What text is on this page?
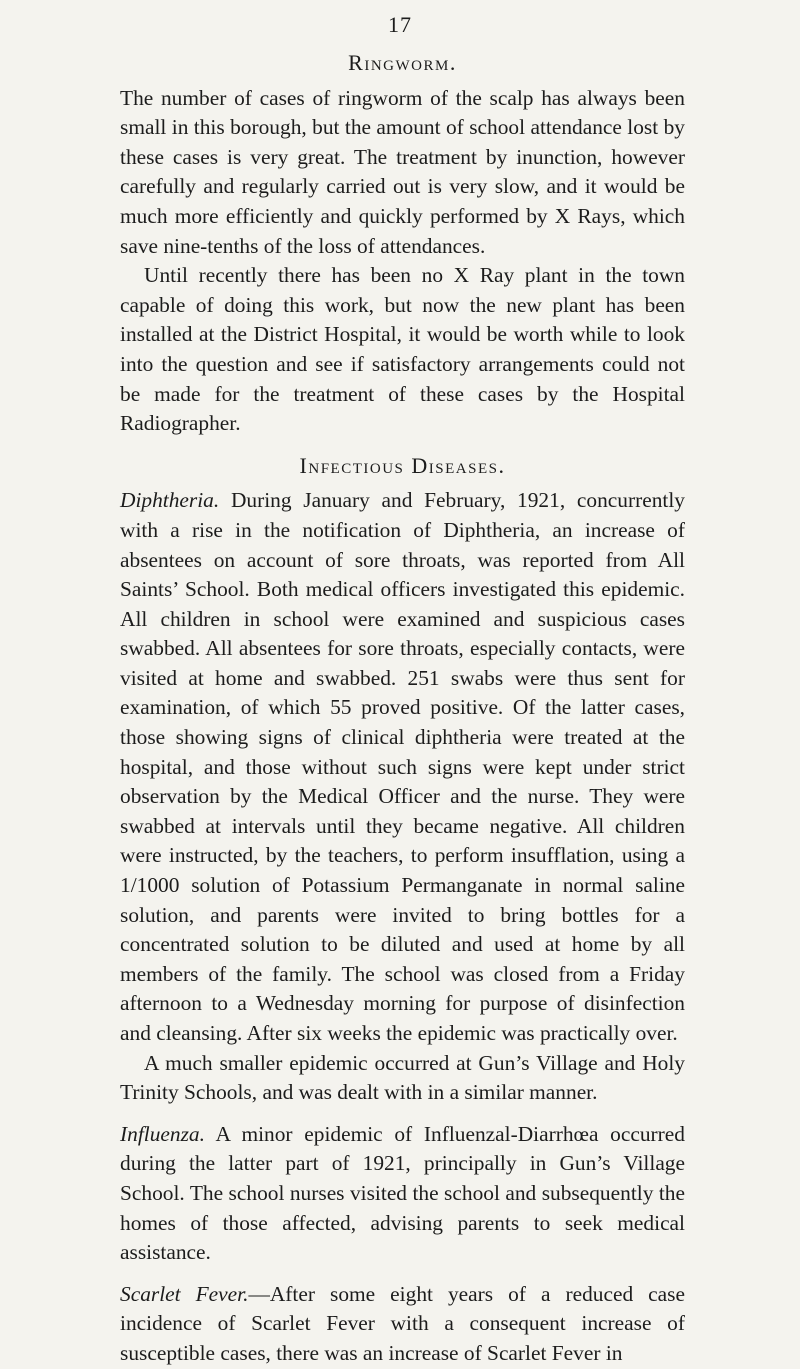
17
Ringworm.

The number of cases of ringworm of the scalp has always been small in this borough, but the amount of school attendance lost by these cases is very great. The treatment by inunction, however carefully and regularly carried out is very slow, and it would be much more efficiently and quickly performed by X Rays, which save nine-tenths of the loss of attendances.

Until recently there has been no X Ray plant in the town capable of doing this work, but now the new plant has been installed at the District Hospital, it would be worth while to look into the question and see if satisfactory arrangements could not be made for the treatment of these cases by the Hospital Radiographer.

Infectious Diseases.

Diphtheria. During January and February, 1921, concurrently with a rise in the notification of Diphtheria, an increase of absentees on account of sore throats, was reported from All Saints’ School. Both medical officers investigated this epidemic. All children in school were examined and suspicious cases swabbed. All absentees for sore throats, especially contacts, were visited at home and swabbed. 251 swabs were thus sent for examination, of which 55 proved positive. Of the latter cases, those showing signs of clinical diphtheria were treated at the hospital, and those without such signs were kept under strict observation by the Medical Officer and the nurse. They were swabbed at intervals until they became negative. All children were instructed, by the teachers, to perform insufflation, using a 1/1000 solution of Potassium Permanganate in normal saline solution, and parents were invited to bring bottles for a concentrated solution to be diluted and used at home by all members of the family. The school was closed from a Friday afternoon to a Wednesday morning for purpose of disinfection and cleansing. After six weeks the epidemic was practically over.

A much smaller epidemic occurred at Gun’s Village and Holy Trinity Schools, and was dealt with in a similar manner.

Influenza. A minor epidemic of Influenzal-Diarrhœa occurred during the latter part of 1921, principally in Gun’s Village School. The school nurses visited the school and subsequently the homes of those affected, advising parents to seek medical assistance.

Scarlet Fever.—After some eight years of a reduced case incidence of Scarlet Fever with a consequent increase of susceptible cases, there was an increase of Scarlet Fever in
